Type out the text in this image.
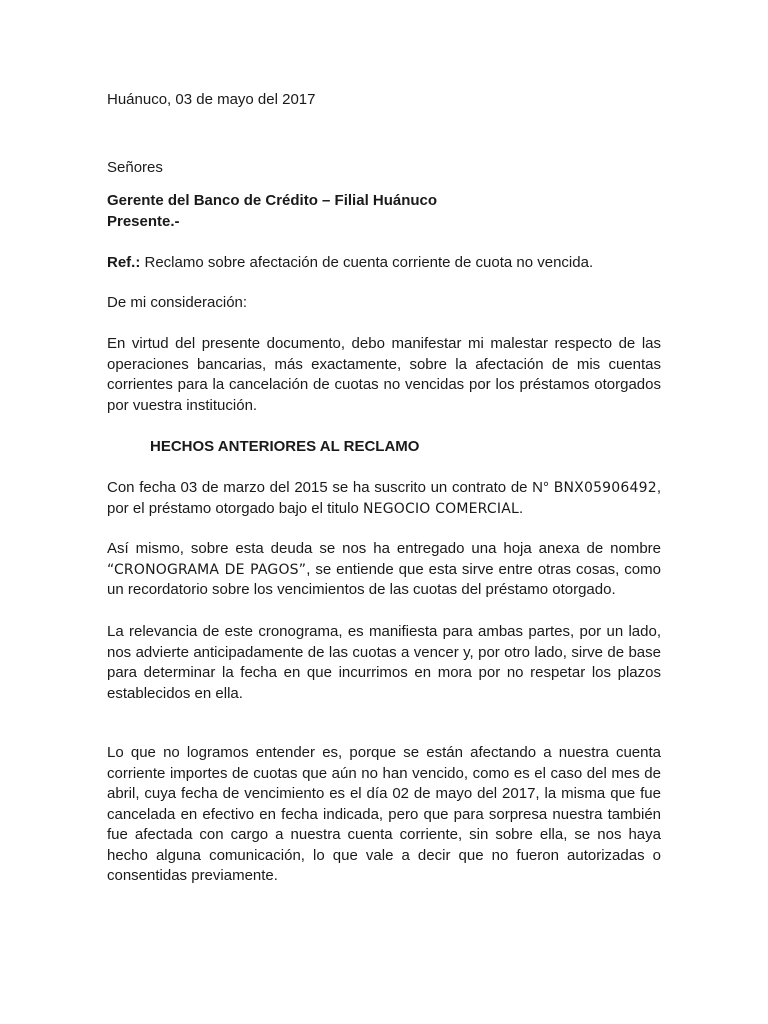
Huánuco, 03 de mayo del 2017
Señores
Gerente del Banco de Crédito – Filial Huánuco
Presente.-
Ref.: Reclamo sobre afectación de cuenta corriente de cuota no vencida.
De mi consideración:
En virtud del presente documento, debo manifestar mi malestar respecto de las operaciones bancarias, más exactamente, sobre la afectación de mis cuentas corrientes para la cancelación de cuotas no vencidas por los préstamos otorgados por vuestra institución.
HECHOS ANTERIORES AL RECLAMO
Con fecha 03 de marzo del 2015 se ha suscrito un contrato de N° BNX05906492, por el préstamo otorgado bajo el titulo NEGOCIO COMERCIAL.
Así mismo, sobre esta deuda se nos ha entregado una hoja anexa de nombre “CRONOGRAMA DE PAGOS”, se entiende que esta sirve entre otras cosas, como un recordatorio sobre los vencimientos de las cuotas del préstamo otorgado.
La relevancia de este cronograma, es manifiesta para ambas partes, por un lado, nos advierte anticipadamente de las cuotas a vencer y, por otro lado, sirve de base para determinar la fecha en que incurrimos en mora por no respetar los plazos establecidos en ella.
Lo que no logramos entender es, porque se están afectando a nuestra cuenta corriente importes de cuotas que aún no han vencido, como es el caso del mes de abril, cuya fecha de vencimiento es el día 02 de mayo del 2017, la misma que fue cancelada en efectivo en fecha indicada, pero que para sorpresa nuestra también fue afectada con cargo a nuestra cuenta corriente, sin sobre ella, se nos haya hecho alguna comunicación, lo que vale a decir que no fueron autorizadas o consentidas previamente.
